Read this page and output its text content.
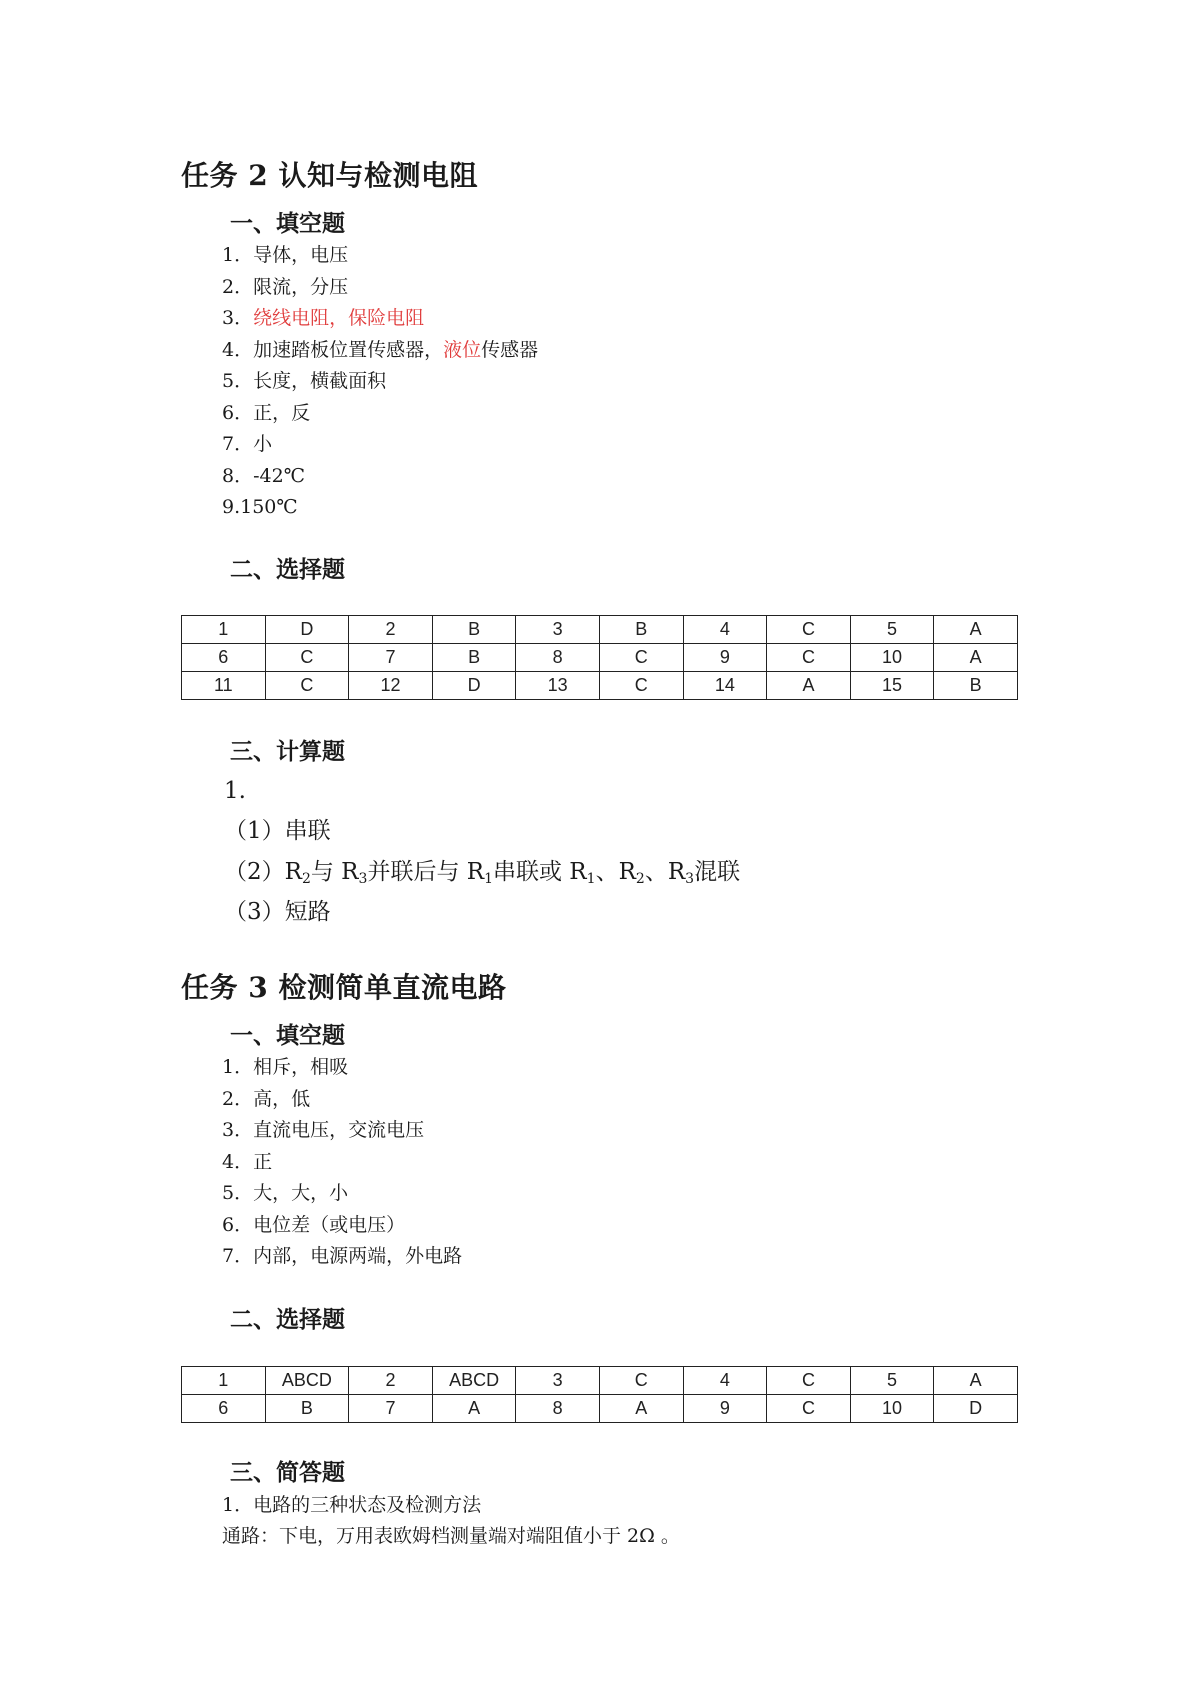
任务 2 认知与检测电阻
一、填空题
1．导体，电压
2．限流，分压
3．绕线电阻，保险电阻
4．加速踏板位置传感器，液位传感器
5．长度，横截面积
6．正，反
7．小
8．-42℃
9.150℃
二、选择题
1	D	2	B	3	B	4	C	5	A
6	C	7	B	8	C	9	C	10	A
11	C	12	D	13	C	14	A	15	B
三、计算题
1.
（1）串联
$(2)R_2$与 $R_3$并联后与 $R_1$串联或 $R_1$、$R_2$、$R_3$混联
（3）短路
任务 3 检测简单直流电路
一、填空题
1．相斥，相吸
2．高，低
3．直流电压，交流电压
4．正
5．大，大，小
6．电位差（或电压）
7．内部，电源两端，外电路
二、选择题
1	ABCD	2	ABCD	3	C	4	C	5	A
6	B	7	A	8	A	9	C	10	D
三、简答题
1．电路的三种状态及检测方法
通路：下电，万用表欧姆档测量端对端阻值小于 2Ω 。
